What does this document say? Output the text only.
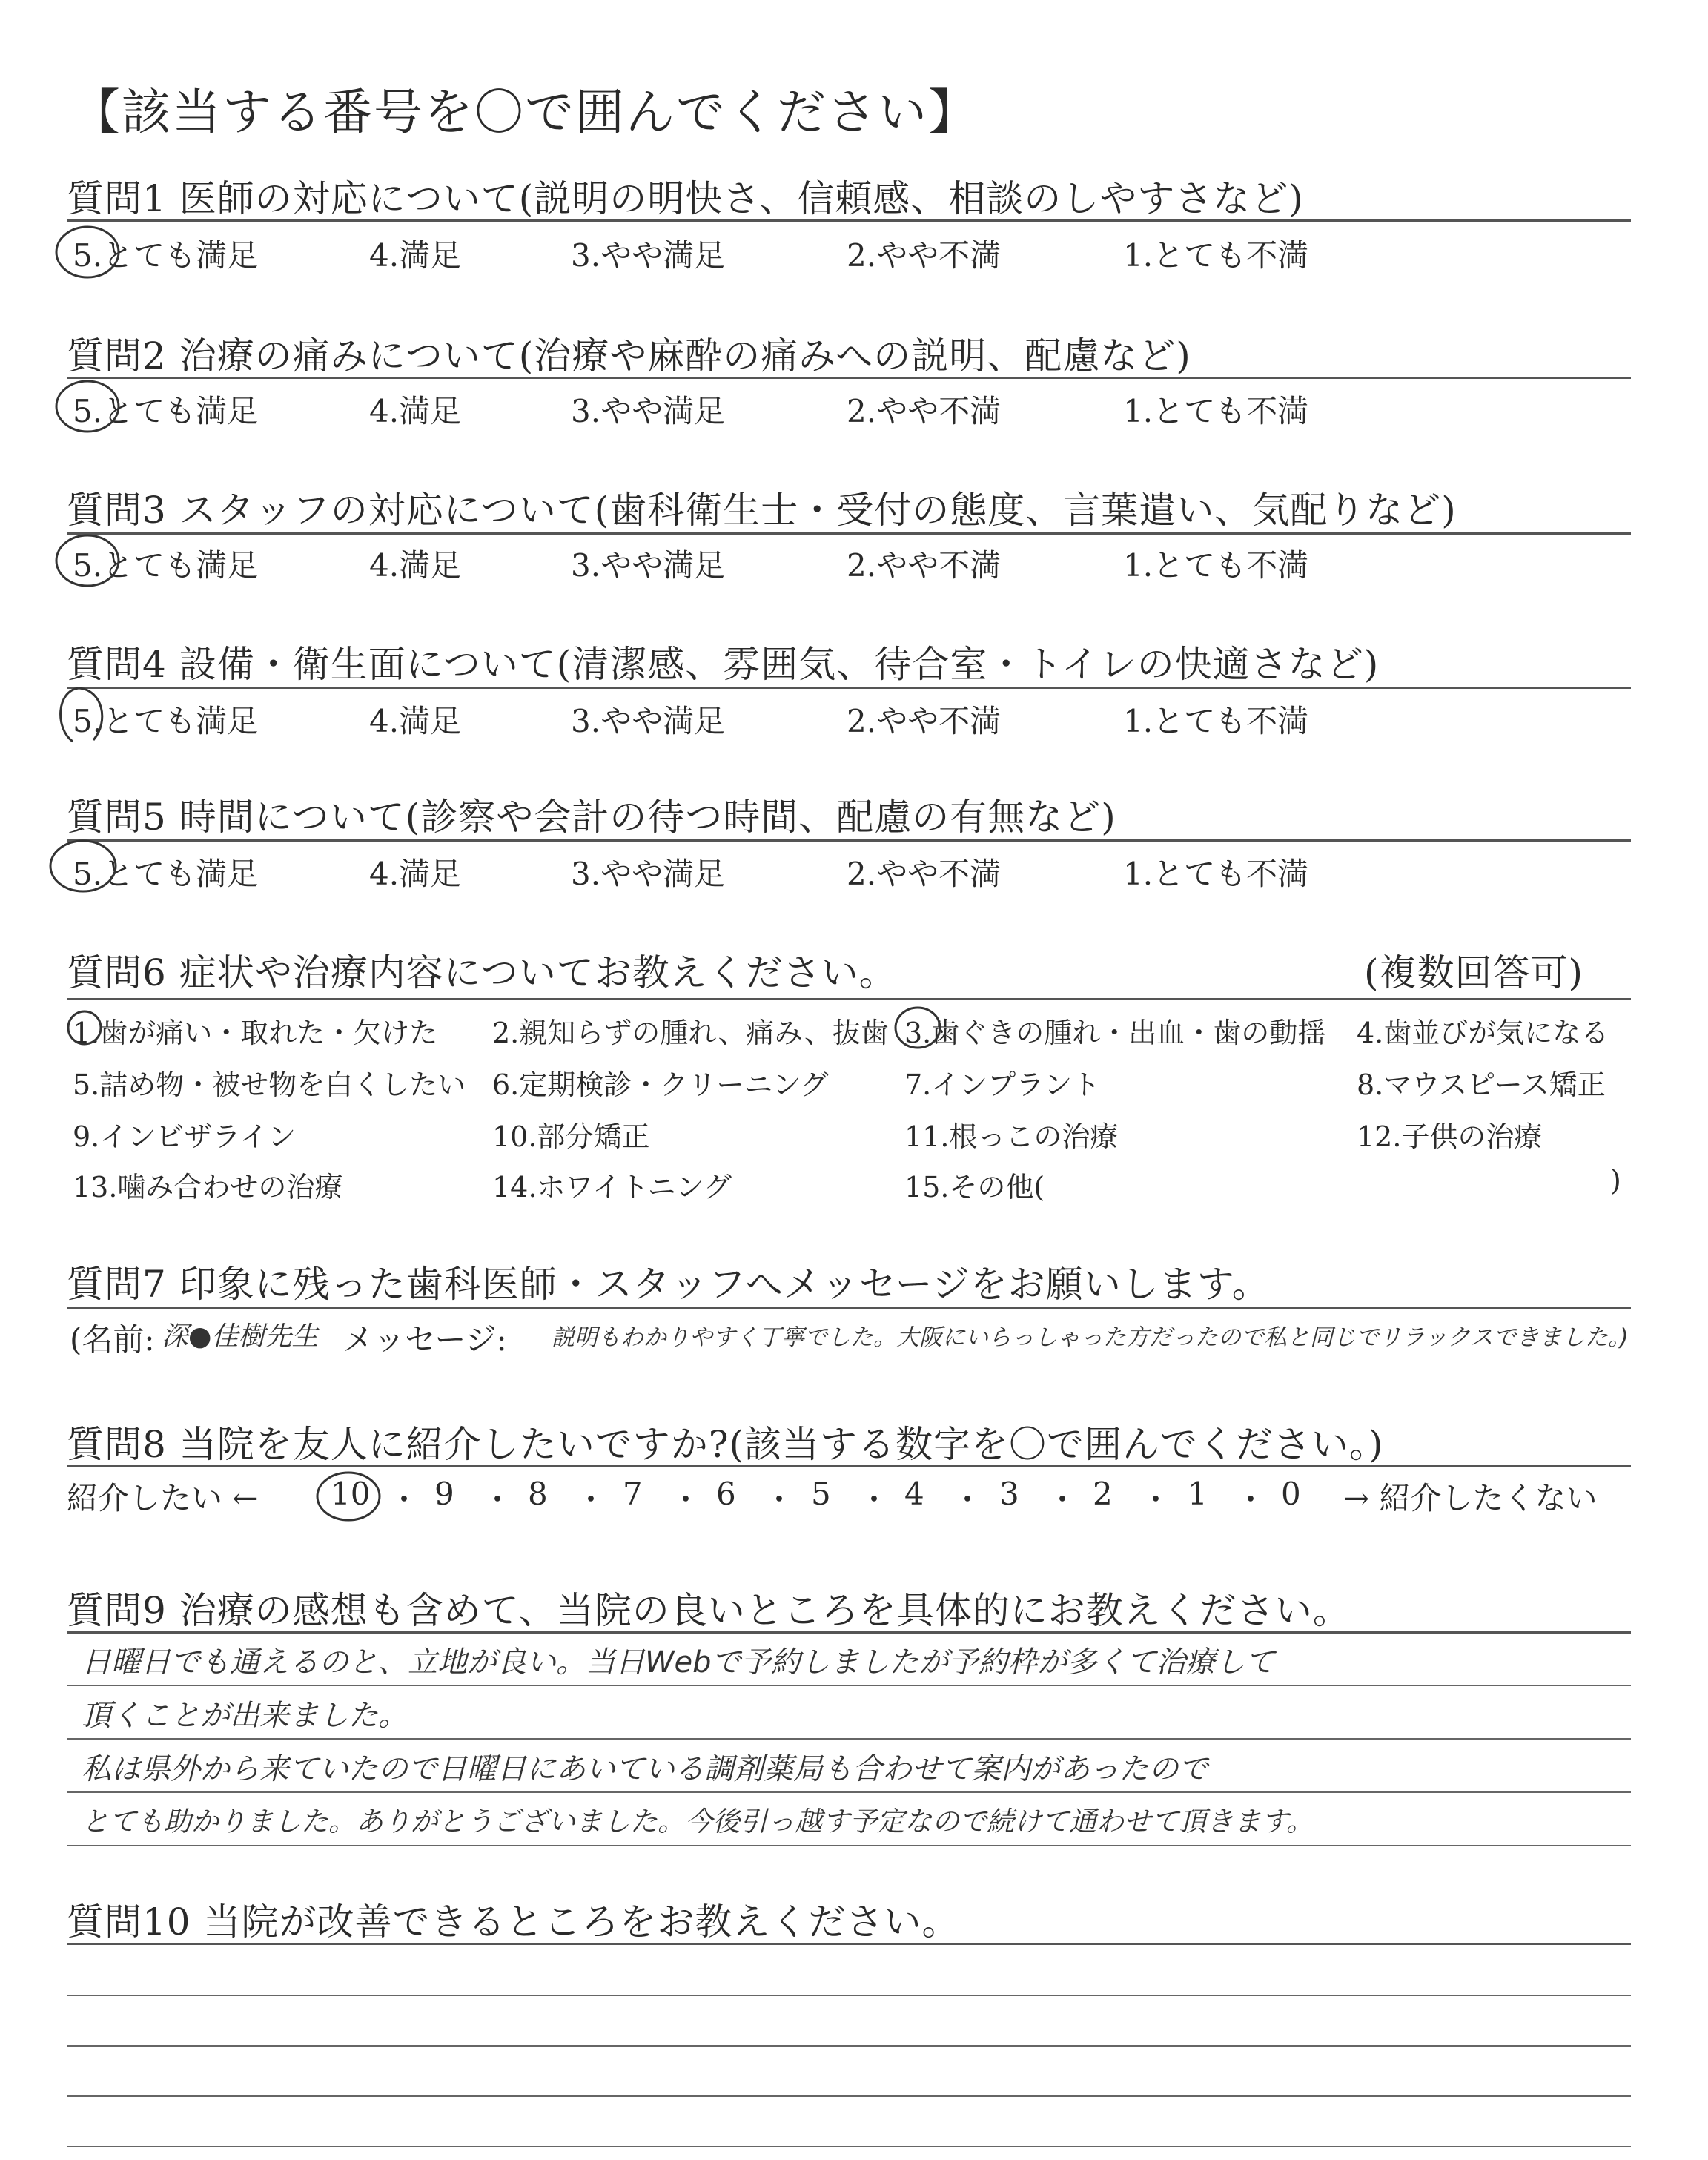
【該当する番号を〇で囲んでください】
質問1 医師の対応について(説明の明快さ、信頼感、相談のしやすさなど)
5.とても満足	4.満足	3.やや満足	2.やや不満	1.とても不満
質問2 治療の痛みについて(治療や麻酔の痛みへの説明、配慮など)
5.とても満足	4.満足	3.やや満足	2.やや不満	1.とても不満
質問3 スタッフの対応について(歯科衛生士・受付の態度、言葉遣い、気配りなど)
5.とても満足	4.満足	3.やや満足	2.やや不満	1.とても不満
質問4 設備・衛生面について(清潔感、雰囲気、待合室・トイレの快適さなど)
5.とても満足	4.満足	3.やや満足	2.やや不満	1.とても不満
質問5 時間について(診察や会計の待つ時間、配慮の有無など)
5.とても満足	4.満足	3.やや満足	2.やや不満	1.とても不満
質問6 症状や治療内容についてお教えください。	(複数回答可)
1.歯が痛い・取れた・欠けた 2.親知らずの腫れ、痛み、抜歯 3.歯ぐきの腫れ・出血・歯の動揺 4.歯並びが気になる
5.詰め物・被せ物を白くしたい 6.定期検診・クリーニング	7.インプラント	8.マウスピース矯正
9.インビザライン	10.部分矯正	11.根っこの治療	12.子供の治療
13.噛み合わせの治療	14.ホワイトニング	15.その他(	)
質問7 印象に残った歯科医師・スタッフへメッセージをお願いします。
(名前: 深●佳樹先生 メッセージ: 説明もわかりやすく丁寧でした。大阪にいらっしゃった方だったので私と同じでリラックスできました。)
質問8 当院を友人に紹介したいですか?(該当する数字を〇で囲んでください。)
紹介したい ← 10 ・ 9 ・ 8 ・ 7 ・ 6 ・ 5 ・ 4 ・ 3 ・ 2 ・ 1 ・ 0 → 紹介したくない
質問9 治療の感想も含めて、当院の良いところを具体的にお教えください。
日曜日でも通えるのと、立地が良い。当日Webで予約しましたが予約枠が多くて治療して
頂くことが出来ました。
私は県外から来ていたので日曜日にあいている調剤薬局も合わせて案内があったので
とても助かりました。ありがとうございました。今後引っ越す予定なので続けて通わせて頂きます。
質問10 当院が改善できるところをお教えください。
